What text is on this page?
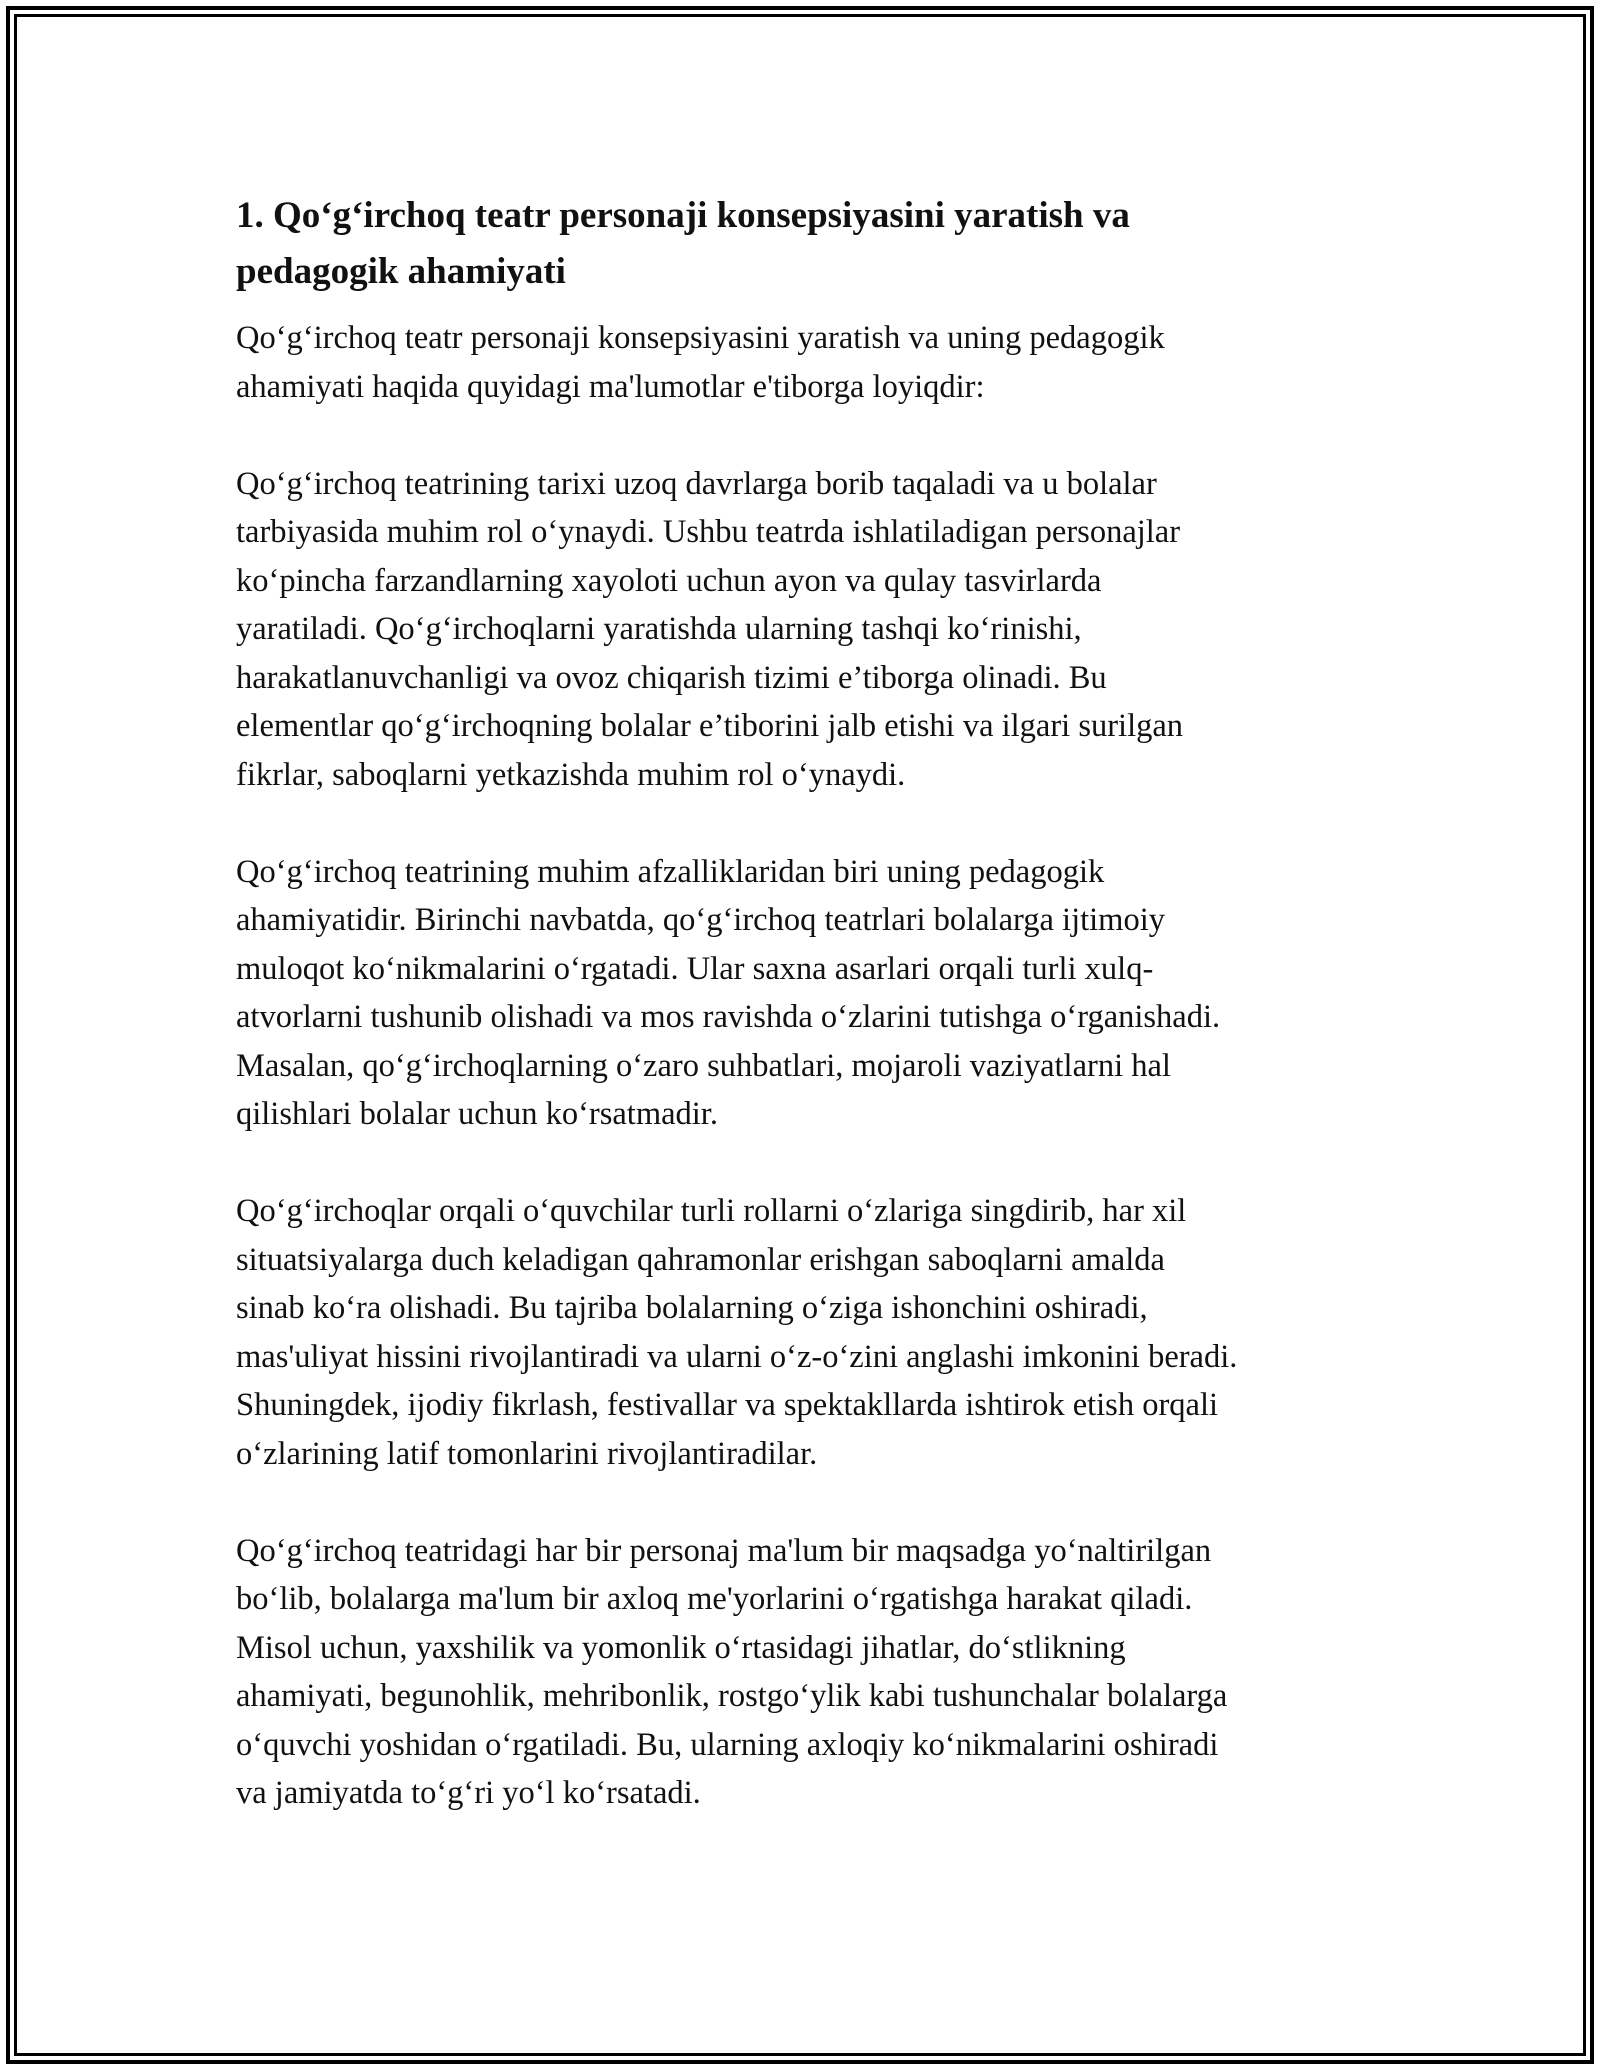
1. Qo‘g‘irchoq teatr personaji konsepsiyasini yaratish va
pedagogik ahamiyati

Qo‘g‘irchoq teatr personaji konsepsiyasini yaratish va uning pedagogik
ahamiyati haqida quyidagi ma'lumotlar e'tiborga loyiqdir:

Qo‘g‘irchoq teatrining tarixi uzoq davrlarga borib taqaladi va u bolalar
tarbiyasida muhim rol o‘ynaydi. Ushbu teatrda ishlatiladigan personajlar
ko‘pincha farzandlarning xayoloti uchun ayon va qulay tasvirlarda
yaratiladi. Qo‘g‘irchoqlarni yaratishda ularning tashqi ko‘rinishi,
harakatlanuvchanligi va ovoz chiqarish tizimi e’tiborga olinadi. Bu
elementlar qo‘g‘irchoqning bolalar e’tiborini jalb etishi va ilgari surilgan
fikrlar, saboqlarni yetkazishda muhim rol o‘ynaydi.

Qo‘g‘irchoq teatrining muhim afzalliklaridan biri uning pedagogik
ahamiyatidir. Birinchi navbatda, qo‘g‘irchoq teatrlari bolalarga ijtimoiy
muloqot ko‘nikmalarini o‘rgatadi. Ular saxna asarlari orqali turli xulq-
atvorlarni tushunib olishadi va mos ravishda o‘zlarini tutishga o‘rganishadi.
Masalan, qo‘g‘irchoqlarning o‘zaro suhbatlari, mojaroli vaziyatlarni hal
qilishlari bolalar uchun ko‘rsatmadir.

Qo‘g‘irchoqlar orqali o‘quvchilar turli rollarni o‘zlariga singdirib, har xil
situatsiyalarga duch keladigan qahramonlar erishgan saboqlarni amalda
sinab ko‘ra olishadi. Bu tajriba bolalarning o‘ziga ishonchini oshiradi,
mas'uliyat hissini rivojlantiradi va ularni o‘z-o‘zini anglashi imkonini beradi.
Shuningdek, ijodiy fikrlash, festivallar va spektakllarda ishtirok etish orqali
o‘zlarining latif tomonlarini rivojlantiradilar.

Qo‘g‘irchoq teatridagi har bir personaj ma'lum bir maqsadga yo‘naltirilgan
bo‘lib, bolalarga ma'lum bir axloq me'yorlarini o‘rgatishga harakat qiladi.
Misol uchun, yaxshilik va yomonlik o‘rtasidagi jihatlar, do‘stlikning
ahamiyati, begunohlik, mehribonlik, rostgo‘ylik kabi tushunchalar bolalarga
o‘quvchi yoshidan o‘rgatiladi. Bu, ularning axloqiy ko‘nikmalarini oshiradi
va jamiyatda to‘g‘ri yo‘l ko‘rsatadi.
